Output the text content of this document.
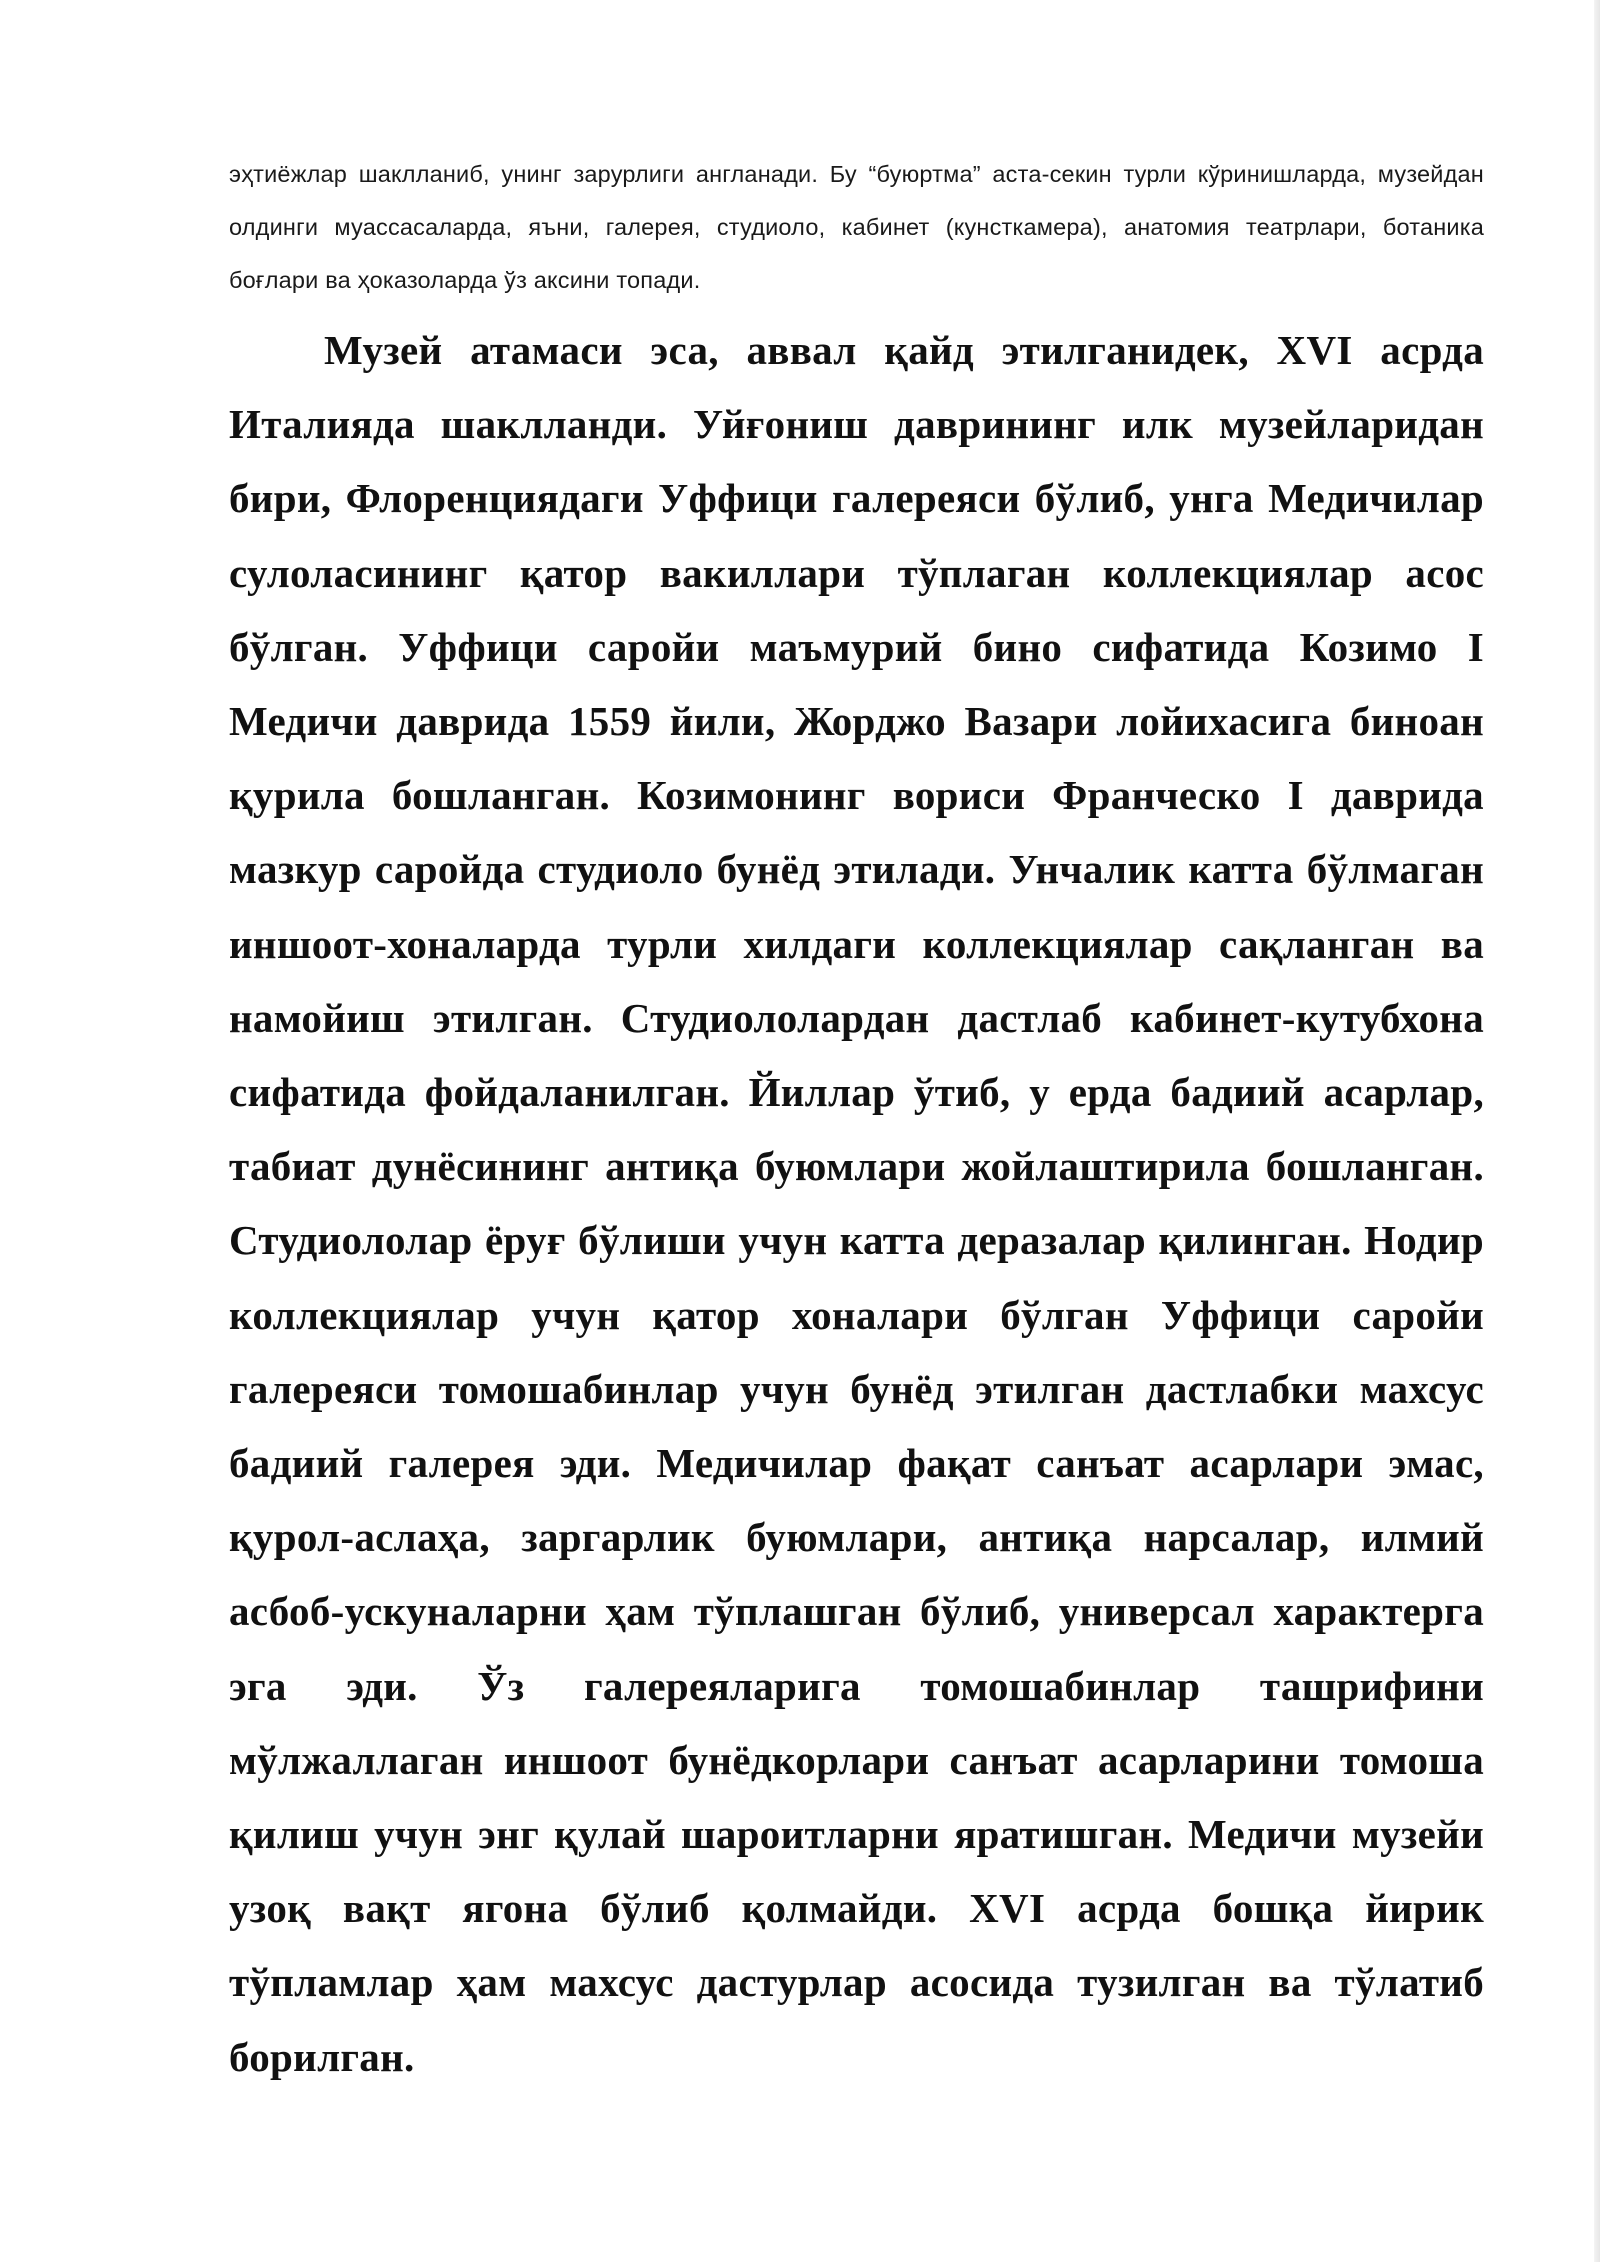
эҳтиёжлар шаклланиб, унинг зарурлиги англанади. Бу “буюртма” аста-секин турли кўринишларда, музейдан олдинги муассасаларда, яъни, галерея, студиоло, кабинет (кунсткамера), анатомия театрлари, ботаника боғлари ва ҳоказоларда ўз аксини топади.

Музей атамаси эса, аввал қайд этилганидек, XVI асрда Италияда шаклланди. Уйғониш даврининг илк музейларидан бири, Флоренциядаги Уффици галереяси бўлиб, унга Медичилар сулоласининг қатор вакиллари тўплаган коллекциялар асос бўлган. Уффици саройи маъмурий бино сифатида Козимо I Медичи даврида 1559 йили, Жорджо Вазари лойихасига биноан қурила бошланган. Козимонинг вориси Франческо I даврида мазкур саройда студиоло бунёд этилади. Унчалик катта бўлмаган иншоот-хоналарда турли хилдаги коллекциялар сақланган ва намойиш этилган. Студиололардан дастлаб кабинет-кутубхона сифатида фойдаланилган. Йиллар ўтиб, у ерда бадиий асарлар, табиат дунёсининг антиқа буюмлари жойлаштирила бошланган. Студиололар ёруғ бўлиши учун катта деразалар қилинган. Нодир коллекциялар учун қатор хоналари бўлган Уффици саройи галереяси томошабинлар учун бунёд этилган дастлабки махсус бадиий галерея эди. Медичилар фақат санъат асарлари эмас, қурол-аслаҳа, заргарлик буюмлари, антиқа нарсалар, илмий асбоб-ускуналарни ҳам тўплашган бўлиб, универсал характерга эга эди. Ўз галереяларига томошабинлар ташрифини мўлжаллаган иншоот бунёдкорлари санъат асарларини томоша қилиш учун энг қулай шароитларни яратишган. Медичи музейи узоқ вақт ягона бўлиб қолмайди. XVI асрда бошқа йирик тўпламлар ҳам махсус дастурлар асосида тузилган ва тўлатиб борилган.
